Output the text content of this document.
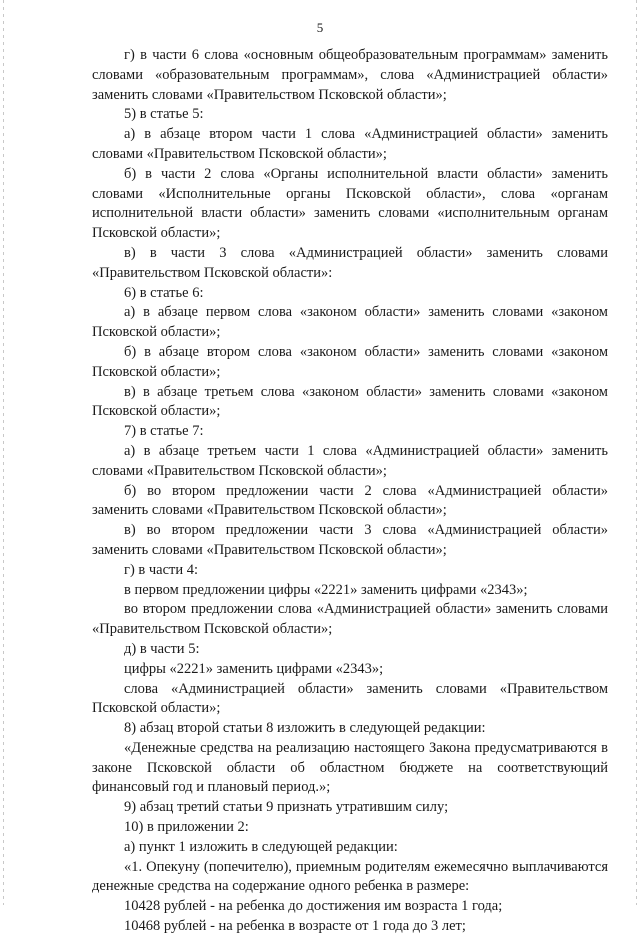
5

г) в части 6 слова «основным общеобразовательным программам» заменить словами «образовательным программам», слова «Администрацией области» заменить словами «Правительством Псковской области»;

5) в статье 5:

а) в абзаце втором части 1 слова «Администрацией области» заменить словами «Правительством Псковской области»;

б) в части 2 слова «Органы исполнительной власти области» заменить словами «Исполнительные органы Псковской области», слова «органам исполнительной власти области» заменить словами «исполнительным органам Псковской области»;

в) в части 3 слова «Администрацией области» заменить словами «Правительством Псковской области»:

6) в статье 6:

а) в абзаце первом слова «законом области» заменить словами «законом Псковской области»;

б) в абзаце втором слова «законом области» заменить словами «законом Псковской области»;

в) в абзаце третьем слова «законом области» заменить словами «законом Псковской области»;

7) в статье 7:

а) в абзаце третьем части 1 слова «Администрацией области» заменить словами «Правительством Псковской области»;

б) во втором предложении части 2 слова «Администрацией области» заменить словами «Правительством Псковской области»;

в) во втором предложении части 3 слова «Администрацией области» заменить словами «Правительством Псковской области»;

г) в части 4:

в первом предложении цифры «2221» заменить цифрами «2343»;

во втором предложении слова «Администрацией области» заменить словами «Правительством Псковской области»;

д) в части 5:

цифры «2221» заменить цифрами «2343»;

слова «Администрацией области» заменить словами «Правительством Псковской области»;

8) абзац второй статьи 8 изложить в следующей редакции:

«Денежные средства на реализацию настоящего Закона предусматриваются в законе Псковской области об областном бюджете на соответствующий финансовый год и плановый период.»;

9) абзац третий статьи 9 признать утратившим силу;

10) в приложении 2:

а) пункт 1 изложить в следующей редакции:

«1. Опекуну (попечителю), приемным родителям ежемесячно выплачиваются денежные средства на содержание одного ребенка в размере:

10428 рублей - на ребенка до достижения им возраста 1 года;

10468 рублей - на ребенка в возрасте от 1 года до 3 лет;
